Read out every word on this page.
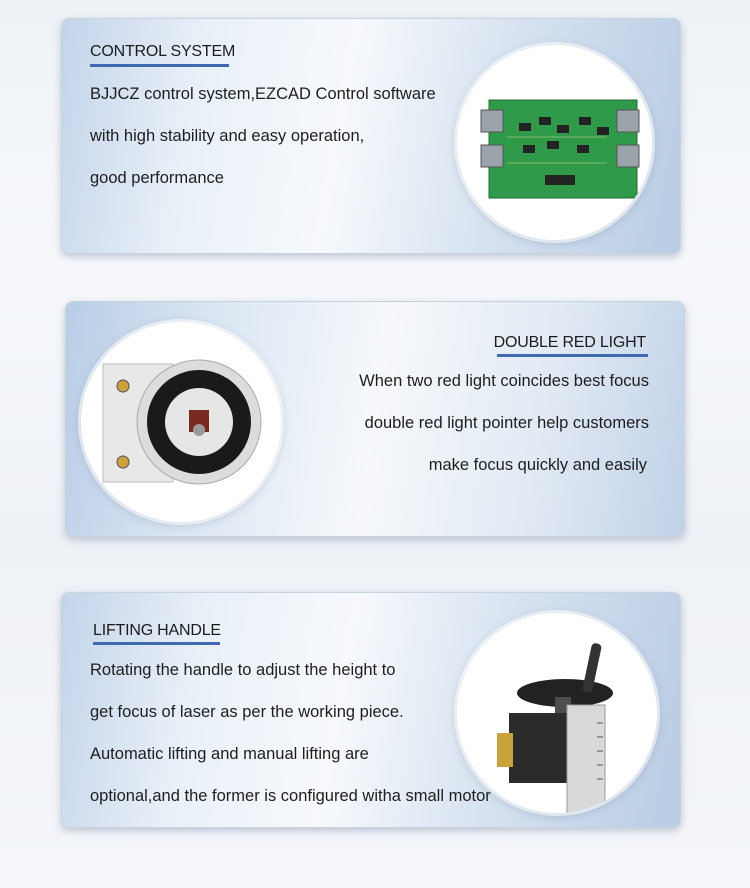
CONTROL SYSTEM
BJJCZ control system,EZCAD Control software
with high stability and easy operation,
good performance
DOUBLE RED LIGHT
When two red light coincides best focus
double red light pointer help customers
make focus quickly and easily
LIFTING HANDLE
Rotating the handle to adjust the height to
get focus of laser as per the working piece.
Automatic lifting and manual lifting are
optional,and the former is configured witha small motor
